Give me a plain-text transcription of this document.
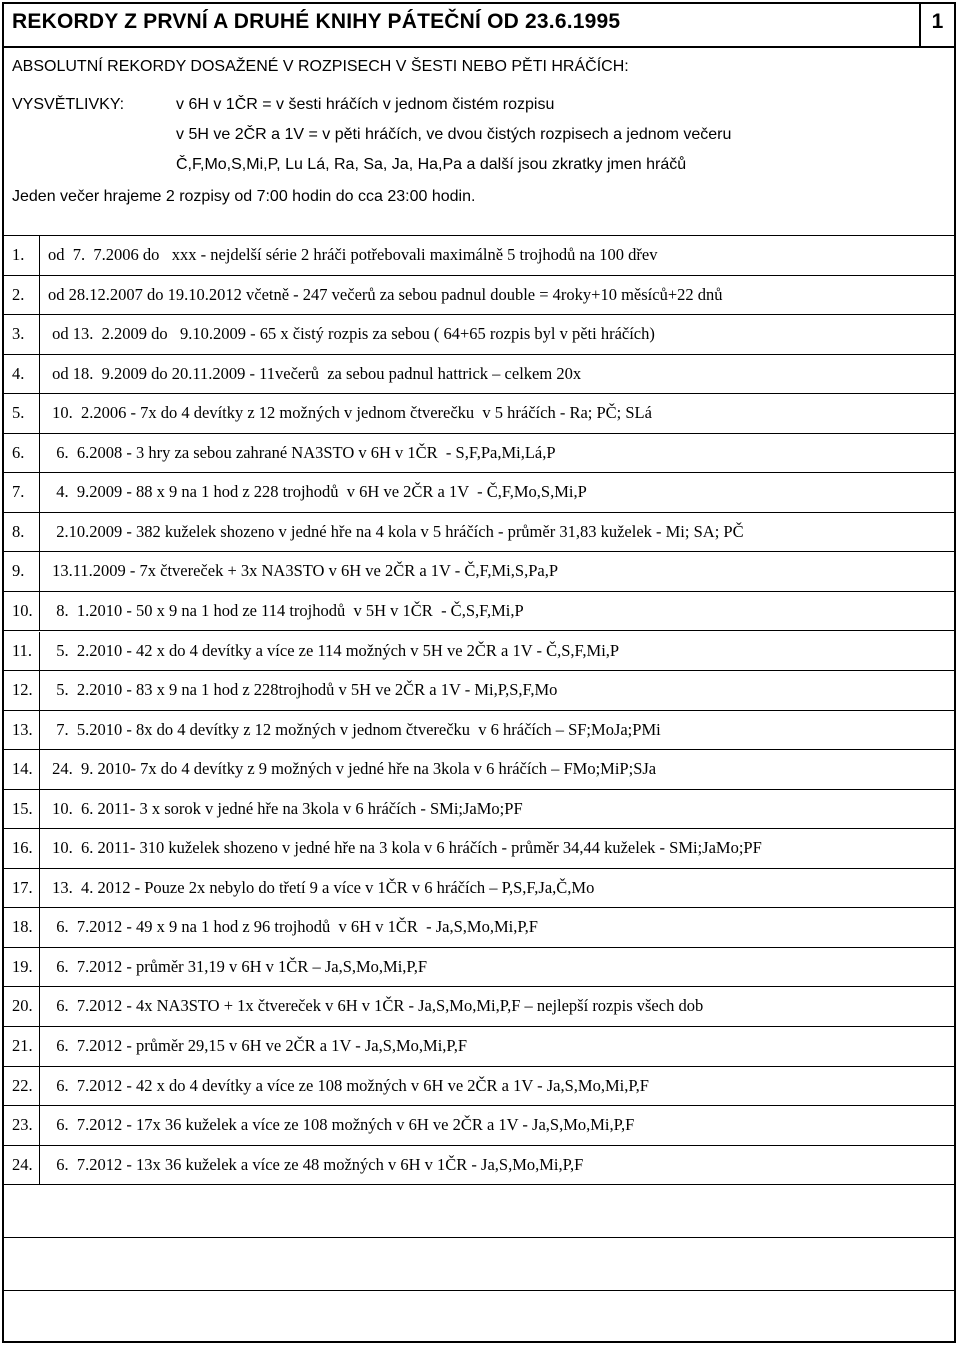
REKORDY Z PRVNÍ A DRUHÉ KNIHY PÁTEČNÍ OD 23.6.1995	1
ABSOLUTNÍ REKORDY DOSAŽENÉ V ROZPISECH V ŠESTI NEBO PĚTI HRÁČÍCH:
VYSVĚTLIVKY:	v 6H v 1ČR = v šesti hráčích v jednom čistém rozpisu
v 5H ve 2ČR a 1V = v pěti hráčích, ve dvou čistých rozpisech a jednom večeru
Č,F,Mo,S,Mi,P, Lu Lá, Ra, Sa, Ja, Ha,Pa a další jsou zkratky jmen hráčů
Jeden večer hrajeme 2 rozpisy od 7:00 hodin do cca 23:00 hodin.
1. od  7.  7.2006 do   xxx - nejdelší série 2 hráči potřebovali maximálně 5 trojhodů na 100 dřev
2. od 28.12.2007 do 19.10.2012 včetně - 247 večerů za sebou padnul double = 4roky+10 měsíců+22 dnů
3. od 13.  2.2009 do   9.10.2009 - 65 x čistý rozpis za sebou ( 64+65 rozpis byl v pěti hráčích)
4. od 18.  9.2009 do 20.11.2009 - 11večerů  za sebou padnul hattrick – celkem 20x
5. 10.  2.2006 - 7x do 4 devítky z 12 možných v jednom čtverečku  v 5 hráčích - Ra; PČ; SLá
6. 6.  6.2008 - 3 hry za sebou zahrané NA3STO v 6H v 1ČR  - S,F,Pa,Mi,Lá,P
7. 4.  9.2009 - 88 x 9 na 1 hod z 228 trojhodů  v 6H ve 2ČR a 1V  - Č,F,Mo,S,Mi,P
8. 2.10.2009 - 382 kuželek shozeno v jedné hře na 4 kola v 5 hráčích - průměr 31,83 kuželek - Mi; SA; PČ
9. 13.11.2009 - 7x čtvereček + 3x NA3STO v 6H ve 2ČR a 1V - Č,F,Mi,S,Pa,P
10. 8.  1.2010 - 50 x 9 na 1 hod ze 114 trojhodů  v 5H v 1ČR  - Č,S,F,Mi,P
11. 5.  2.2010 - 42 x do 4 devítky a více ze 114 možných v 5H ve 2ČR a 1V - Č,S,F,Mi,P
12. 5.  2.2010 - 83 x 9 na 1 hod z 228trojhodů v 5H ve 2ČR a 1V - Mi,P,S,F,Mo
13. 7.  5.2010 - 8x do 4 devítky z 12 možných v jednom čtverečku  v 6 hráčích – SF;MoJa;PMi
14. 24.  9. 2010- 7x do 4 devítky z 9 možných v jedné hře na 3kola v 6 hráčích – FMo;MiP;SJa
15. 10.  6. 2011- 3 x sorok v jedné hře na 3kola v 6 hráčích - SMi;JaMo;PF
16. 10.  6. 2011- 310 kuželek shozeno v jedné hře na 3 kola v 6 hráčích - průměr 34,44 kuželek - SMi;JaMo;PF
17. 13.  4. 2012 - Pouze 2x nebylo do třetí 9 a více v 1ČR v 6 hráčích – P,S,F,Ja,Č,Mo
18. 6.  7.2012 - 49 x 9 na 1 hod z 96 trojhodů  v 6H v 1ČR  - Ja,S,Mo,Mi,P,F
19. 6.  7.2012 - průměr 31,19 v 6H v 1ČR – Ja,S,Mo,Mi,P,F
20. 6.  7.2012 - 4x NA3STO + 1x čtvereček v 6H v 1ČR - Ja,S,Mo,Mi,P,F – nejlepší rozpis všech dob
21. 6.  7.2012 - průměr 29,15 v 6H ve 2ČR a 1V - Ja,S,Mo,Mi,P,F
22. 6.  7.2012 - 42 x do 4 devítky a více ze 108 možných v 6H ve 2ČR a 1V - Ja,S,Mo,Mi,P,F
23. 6.  7.2012 - 17x 36 kuželek a více ze 108 možných v 6H ve 2ČR a 1V - Ja,S,Mo,Mi,P,F
24. 6.  7.2012 - 13x 36 kuželek a více ze 48 možných v 6H v 1ČR - Ja,S,Mo,Mi,P,F
